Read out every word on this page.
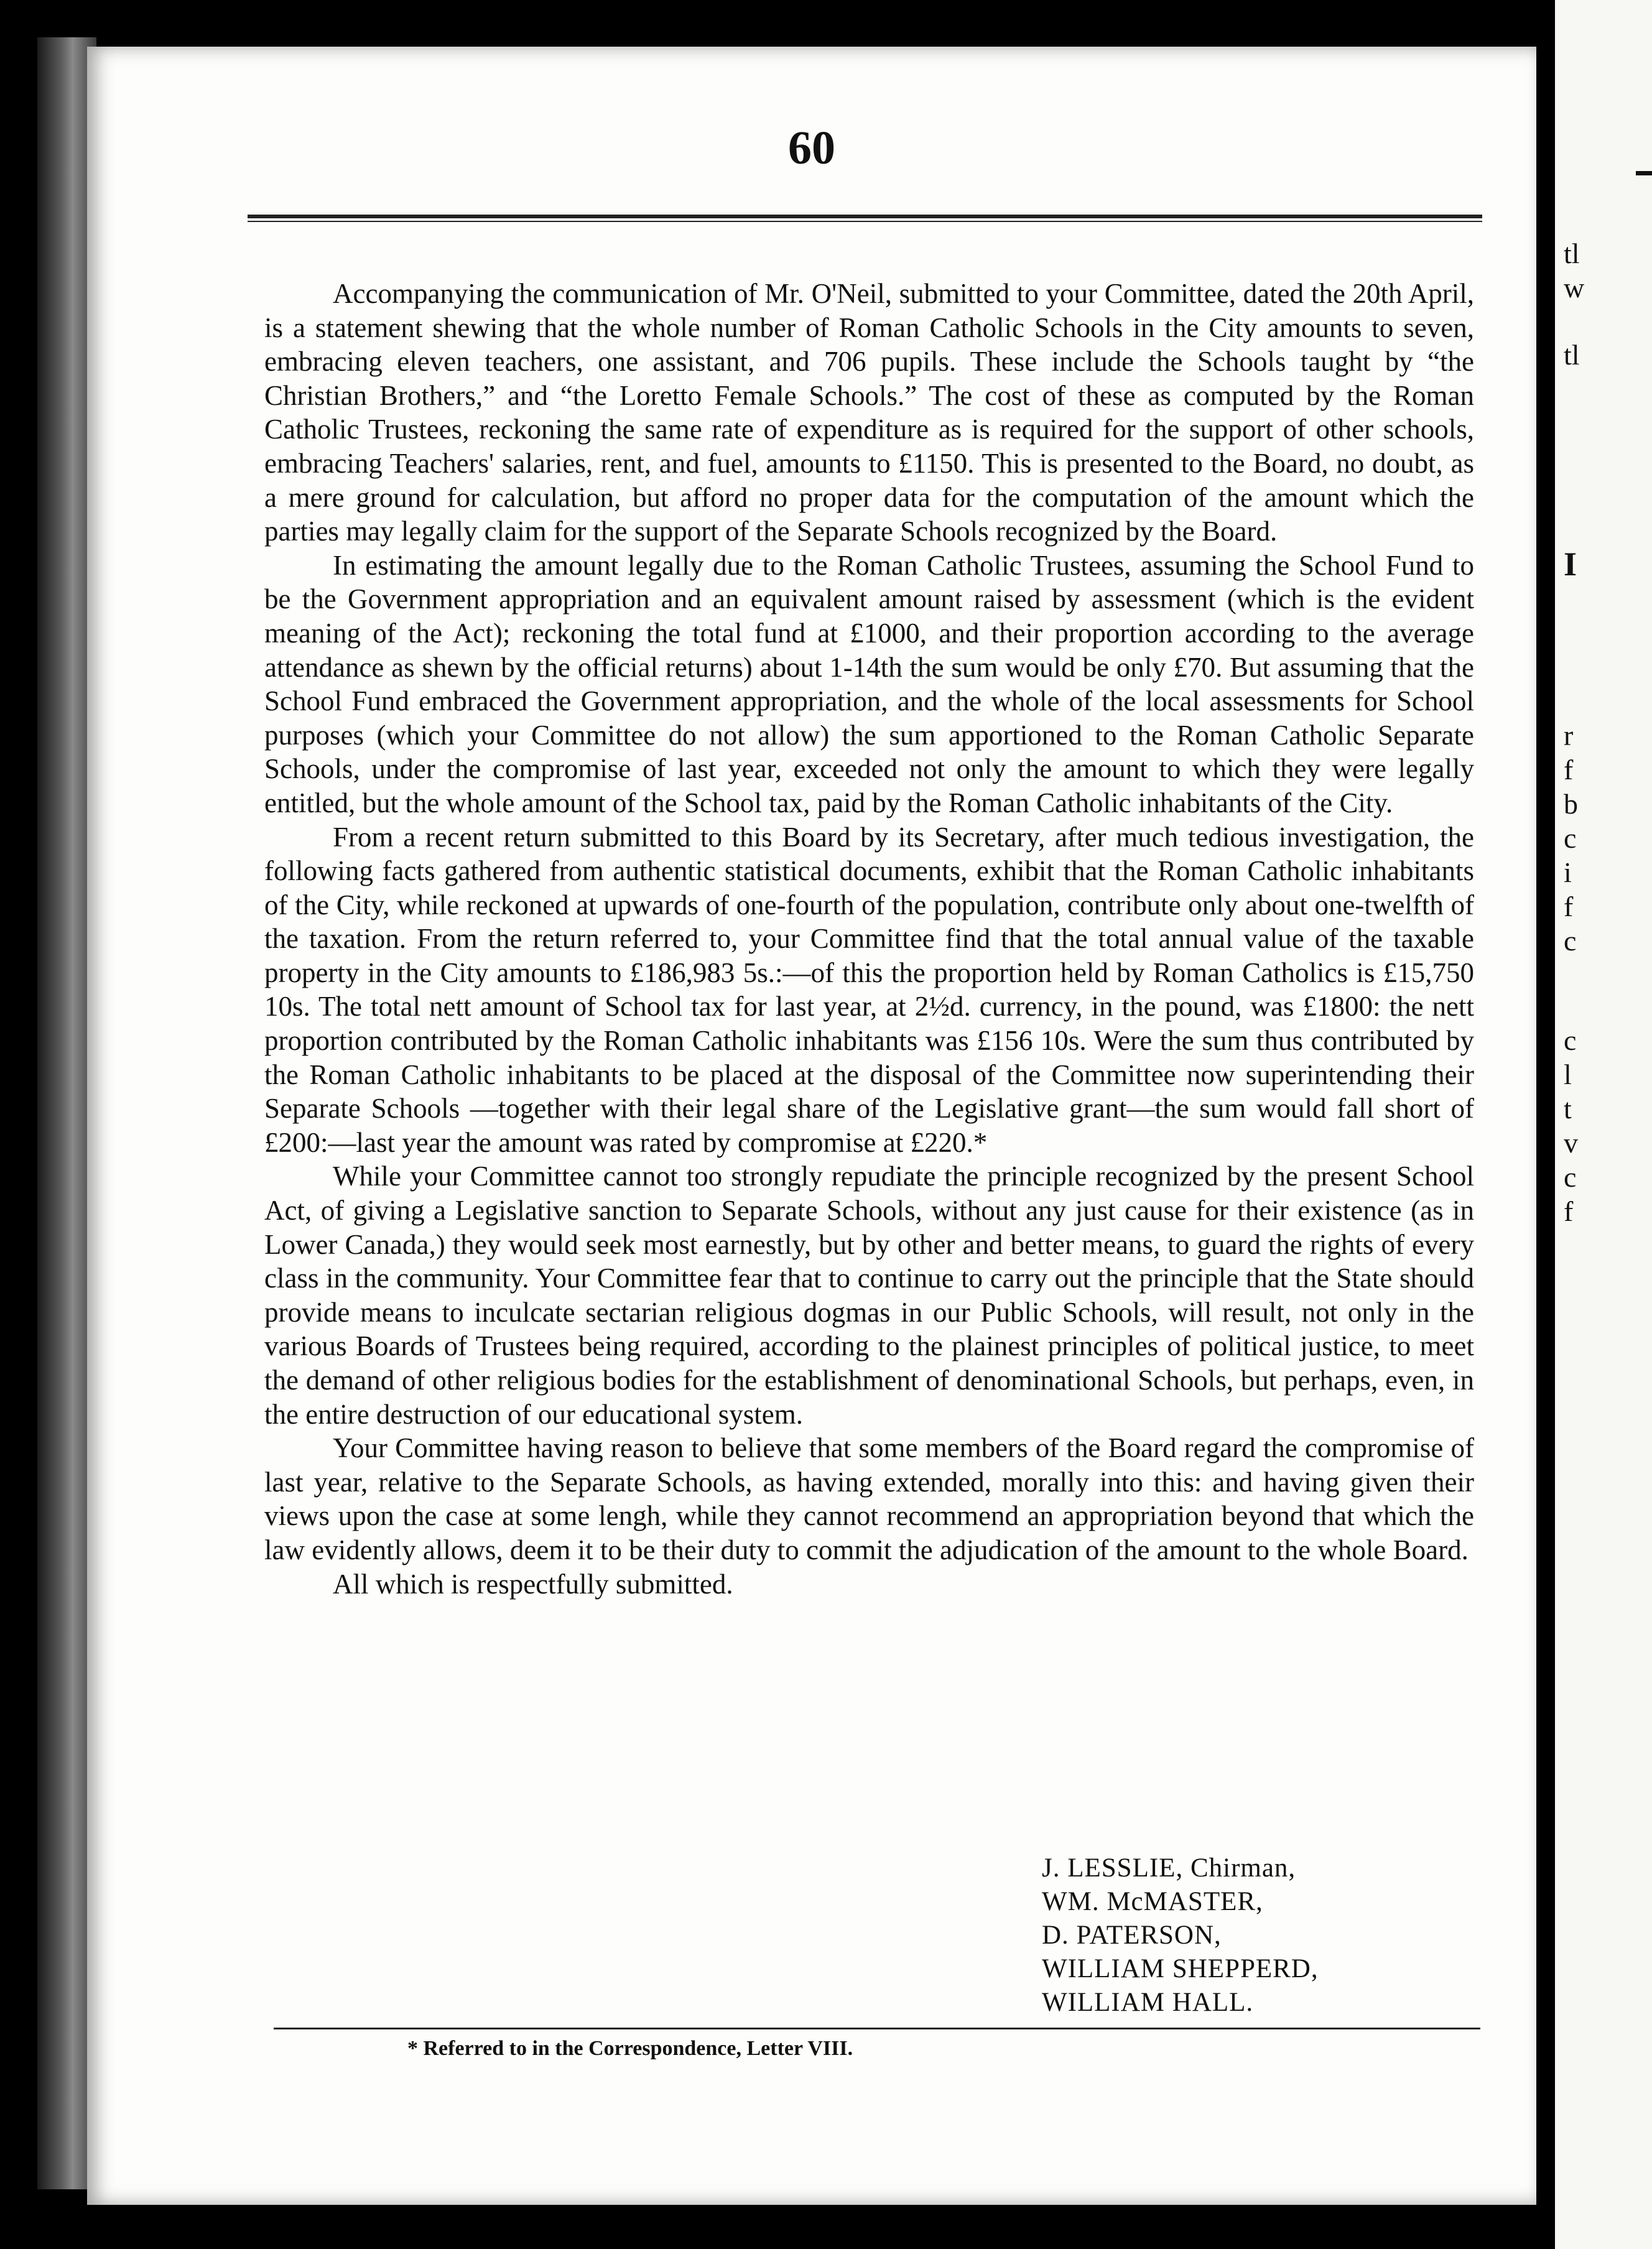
60

Accompanying the communication of Mr. O'Neil, submitted to your Committee, dated the 20th April, is a statement shewing that the whole number of Roman Catholic Schools in the City amounts to seven, embracing eleven teachers, one assistant, and 706 pupils. These include the Schools taught by “the Christian Brothers,” and “the Loretto Female Schools.” The cost of these as computed by the Roman Catholic Trustees, reckoning the same rate of expenditure as is required for the support of other schools, embracing Teachers' salaries, rent, and fuel, amounts to £1150. This is presented to the Board, no doubt, as a mere ground for calculation, but afford no proper data for the computation of the amount which the parties may legally claim for the support of the Separate Schools recognized by the Board.

In estimating the amount legally due to the Roman Catholic Trustees, assuming the School Fund to be the Government appropriation and an equivalent amount raised by assessment (which is the evident meaning of the Act); reckoning the total fund at £1000, and their proportion according to the average attendance as shewn by the official returns) about 1-14th the sum would be only £70. But assuming that the School Fund embraced the Government appropriation, and the whole of the local assessments for School purposes (which your Committee do not allow) the sum apportioned to the Roman Catholic Separate Schools, under the compromise of last year, exceeded not only the amount to which they were legally entitled, but the whole amount of the School tax, paid by the Roman Catholic inhabitants of the City.

From a recent return submitted to this Board by its Secretary, after much tedious investigation, the following facts gathered from authentic statistical documents, exhibit that the Roman Catholic inhabitants of the City, while reckoned at upwards of one-fourth of the population, contribute only about one-twelfth of the taxation. From the return referred to, your Committee find that the total annual value of the taxable property in the City amounts to £186,983 5s.:—of this the proportion held by Roman Catholics is £15,750 10s. The total nett amount of School tax for last year, at 2½d. currency, in the pound, was £1800: the nett proportion contributed by the Roman Catholic inhabitants was £156 10s. Were the sum thus contributed by the Roman Catholic inhabitants to be placed at the disposal of the Committee now superintending their Separate Schools —together with their legal share of the Legislative grant—the sum would fall short of £200:—last year the amount was rated by compromise at £220.*

While your Committee cannot too strongly repudiate the principle recognized by the present School Act, of giving a Legislative sanction to Separate Schools, without any just cause for their existence (as in Lower Canada,) they would seek most earnestly, but by other and better means, to guard the rights of every class in the community. Your Committee fear that to continue to carry out the principle that the State should provide means to inculcate sectarian religious dogmas in our Public Schools, will result, not only in the various Boards of Trustees being required, according to the plainest principles of political justice, to meet the demand of other religious bodies for the establishment of denominational Schools, but perhaps, even, in the entire destruction of our educational system.

Your Committee having reason to believe that some members of the Board regard the compromise of last year, relative to the Separate Schools, as having extended, morally into this: and having given their views upon the case at some lengh, while they cannot recommend an appropriation beyond that which the law evidently allows, deem it to be their duty to commit the adjudication of the amount to the whole Board.

All which is respectfully submitted.

J. LESSLIE, Chirman,
WM. McMASTER,
D. PATERSON,
WILLIAM SHEPPERD,
WILLIAM HALL.
* Referred to in the Correspondence, Letter VIII.
tl
w
tl
I
r
f
b
c
i
f
c
c
l
t
v
c
f
